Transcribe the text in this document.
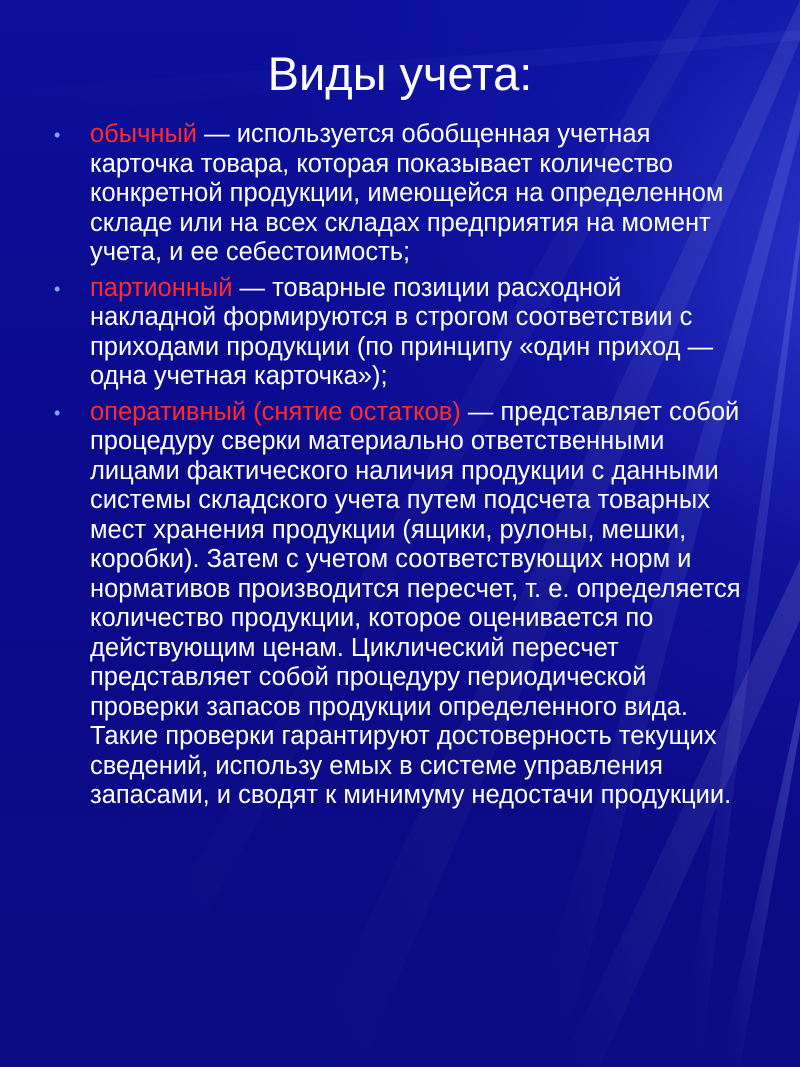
Виды учета:
• обычный — используется обобщенная учетная карточка товара, которая показывает количество конкретной продукции, имеющейся на определенном складе или на всех складах предприятия на момент учета, и ее себестоимость;
• партионный — товарные позиции расходной накладной формируются в строгом соответствии с приходами продукции (по принципу «один приход — одна учетная карточка»);
• оперативный (снятие остатков) — представляет собой процедуру сверки материально ответственными лицами фактического наличия продукции с данными системы складского учета путем подсчета товарных мест хранения продукции (ящики, рулоны, мешки, коробки). Затем с учетом соответствующих норм и нормативов производится пересчет, т. е. определяется количество продукции, которое оценивается по действующим ценам. Циклический пересчет представляет собой процедуру периодической проверки запасов продукции определенного вида. Такие проверки гарантируют достоверность текущих сведений, использу емых в системе управления запасами, и сводят к минимуму недостачи продукции.
